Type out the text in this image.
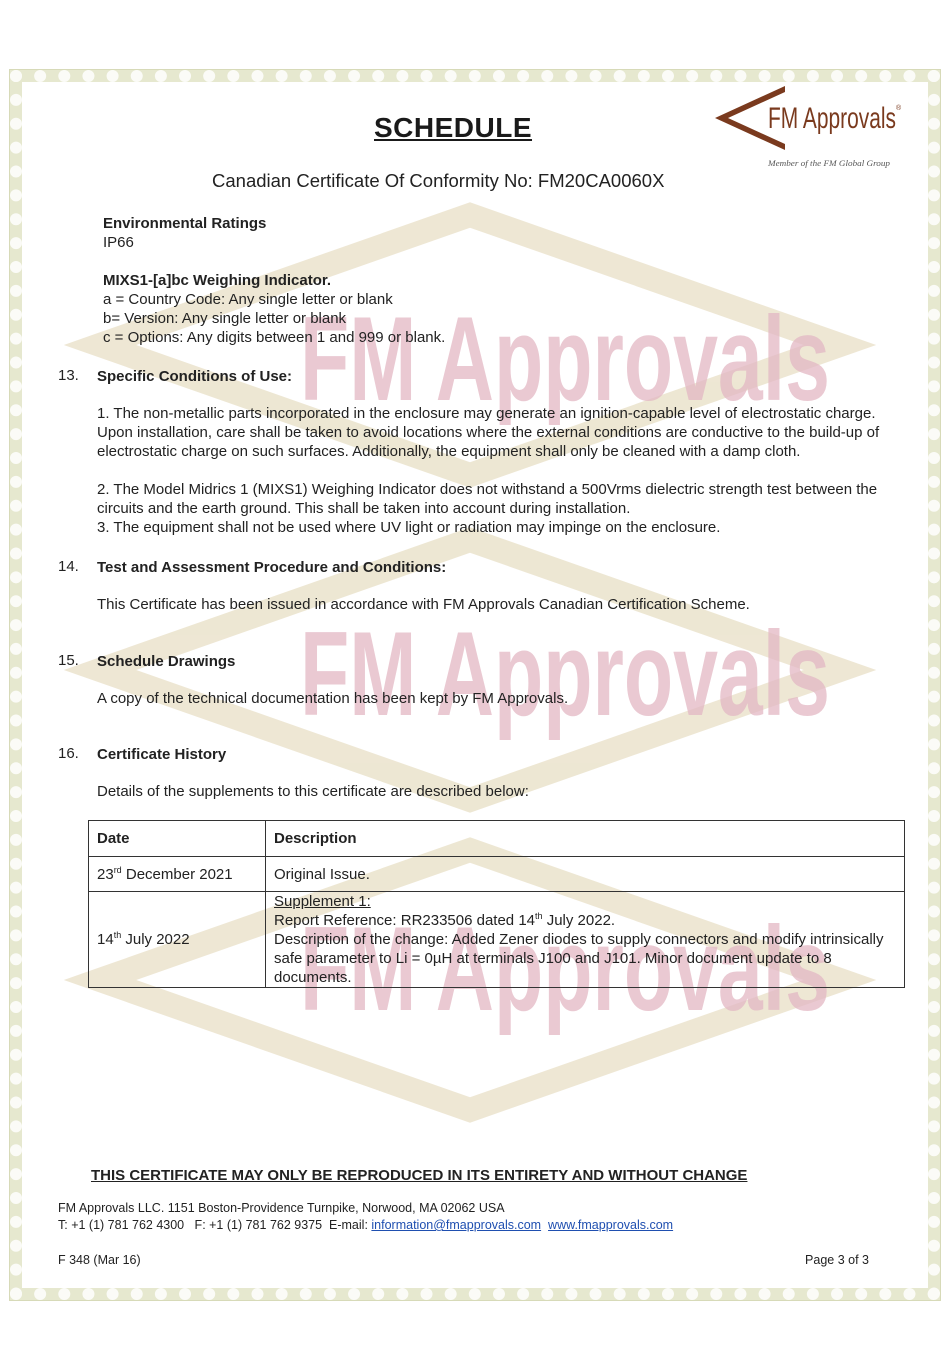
FM Approvals
FM Approvals
FM Approvals
SCHEDULE
Canadian Certificate Of Conformity No: FM20CA0060X
FM Approvals ®
Member of the FM Global Group
Environmental Ratings
IP66
MIXS1-[a]bc Weighing Indicator.
a = Country Code: Any single letter or blank
b= Version: Any single letter or blank
c = Options: Any digits between 1 and 999 or blank.
13. Specific Conditions of Use:
1. The non-metallic parts incorporated in the enclosure may generate an ignition-capable level of electrostatic charge. Upon installation, care shall be taken to avoid locations where the external conditions are conductive to the build-up of electrostatic charge on such surfaces. Additionally, the equipment shall only be cleaned with a damp cloth.
2. The Model Midrics 1 (MIXS1) Weighing Indicator does not withstand a 500Vrms dielectric strength test between the circuits and the earth ground. This shall be taken into account during installation.
3. The equipment shall not be used where UV light or radiation may impinge on the enclosure.
14. Test and Assessment Procedure and Conditions:
This Certificate has been issued in accordance with FM Approvals Canadian Certification Scheme.
15. Schedule Drawings
A copy of the technical documentation has been kept by FM Approvals.
16. Certificate History
Details of the supplements to this certificate are described below:
Date	Description
23rd December 2021	Original Issue.
14th July 2022	Supplement 1:
Report Reference: RR233506 dated 14th July 2022.
Description of the change: Added Zener diodes to supply connectors and modify intrinsically safe parameter to Li = 0µH at terminals J100 and J101. Minor document update to 8 documents.
THIS CERTIFICATE MAY ONLY BE REPRODUCED IN ITS ENTIRETY AND WITHOUT CHANGE
FM Approvals LLC. 1151 Boston-Providence Turnpike, Norwood, MA 02062 USA
T: +1 (1) 781 762 4300   F: +1 (1) 781 762 9375  E-mail: information@fmapprovals.com www.fmapprovals.com
F 348 (Mar 16)	Page 3 of 3
